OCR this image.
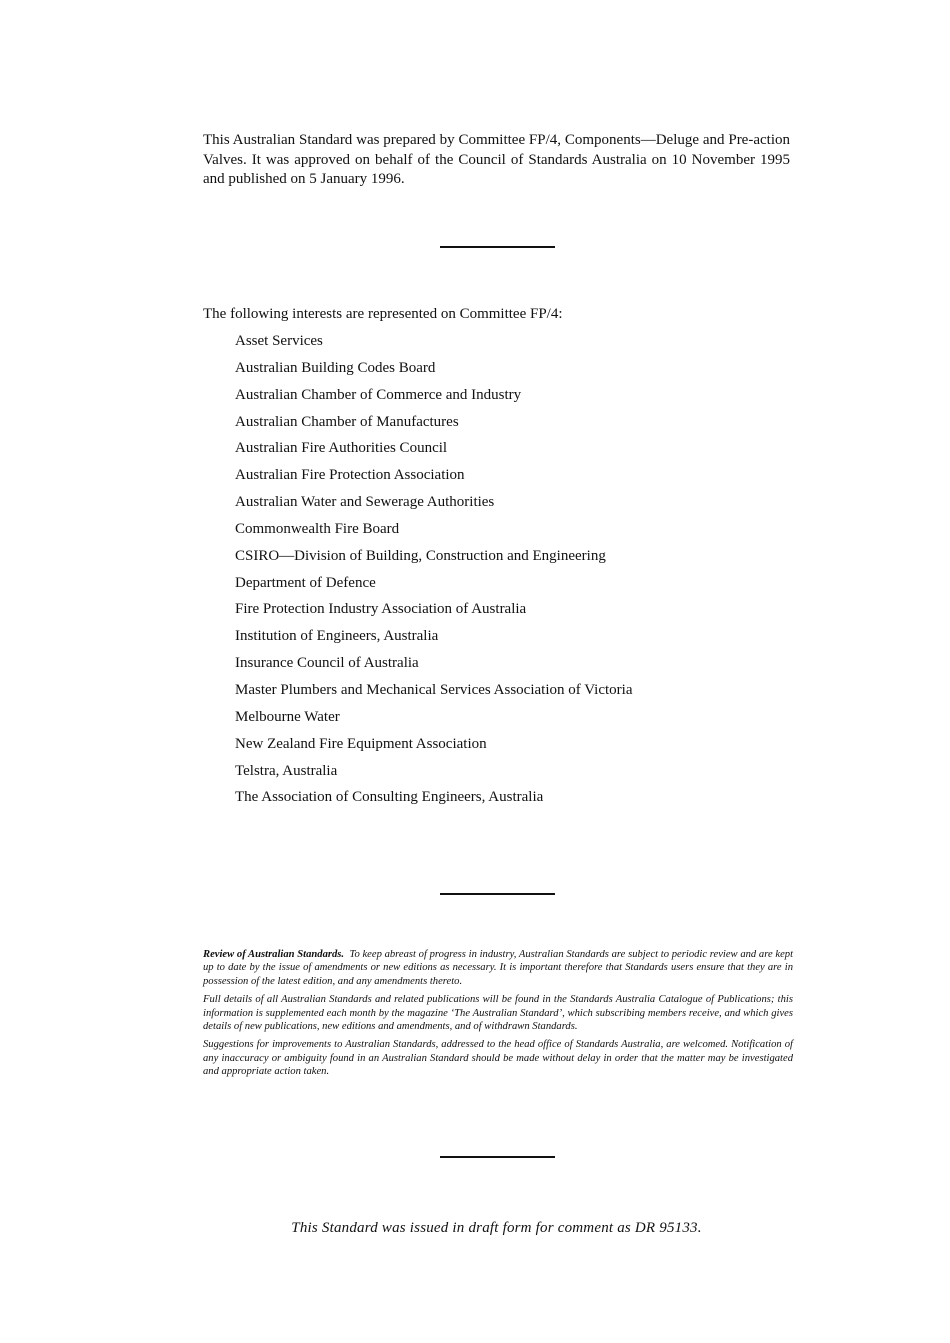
This Australian Standard was prepared by Committee FP/4, Components—Deluge and Pre-action Valves. It was approved on behalf of the Council of Standards Australia on 10 November 1995 and published on 5 January 1996.

The following interests are represented on Committee FP/4:

Asset Services
Australian Building Codes Board
Australian Chamber of Commerce and Industry
Australian Chamber of Manufactures
Australian Fire Authorities Council
Australian Fire Protection Association
Australian Water and Sewerage Authorities
Commonwealth Fire Board
CSIRO—Division of Building, Construction and Engineering
Department of Defence
Fire Protection Industry Association of Australia
Institution of Engineers, Australia
Insurance Council of Australia
Master Plumbers and Mechanical Services Association of Victoria
Melbourne Water
New Zealand Fire Equipment Association
Telstra, Australia
The Association of Consulting Engineers, Australia

Review of Australian Standards. To keep abreast of progress in industry, Australian Standards are subject to periodic review and are kept up to date by the issue of amendments or new editions as necessary. It is important therefore that Standards users ensure that they are in possession of the latest edition, and any amendments thereto.

Full details of all Australian Standards and related publications will be found in the Standards Australia Catalogue of Publications; this information is supplemented each month by the magazine ‘The Australian Standard’, which subscribing members receive, and which gives details of new publications, new editions and amendments, and of withdrawn Standards.

Suggestions for improvements to Australian Standards, addressed to the head office of Standards Australia, are welcomed. Notification of any inaccuracy or ambiguity found in an Australian Standard should be made without delay in order that the matter may be investigated and appropriate action taken.

This Standard was issued in draft form for comment as DR 95133.
